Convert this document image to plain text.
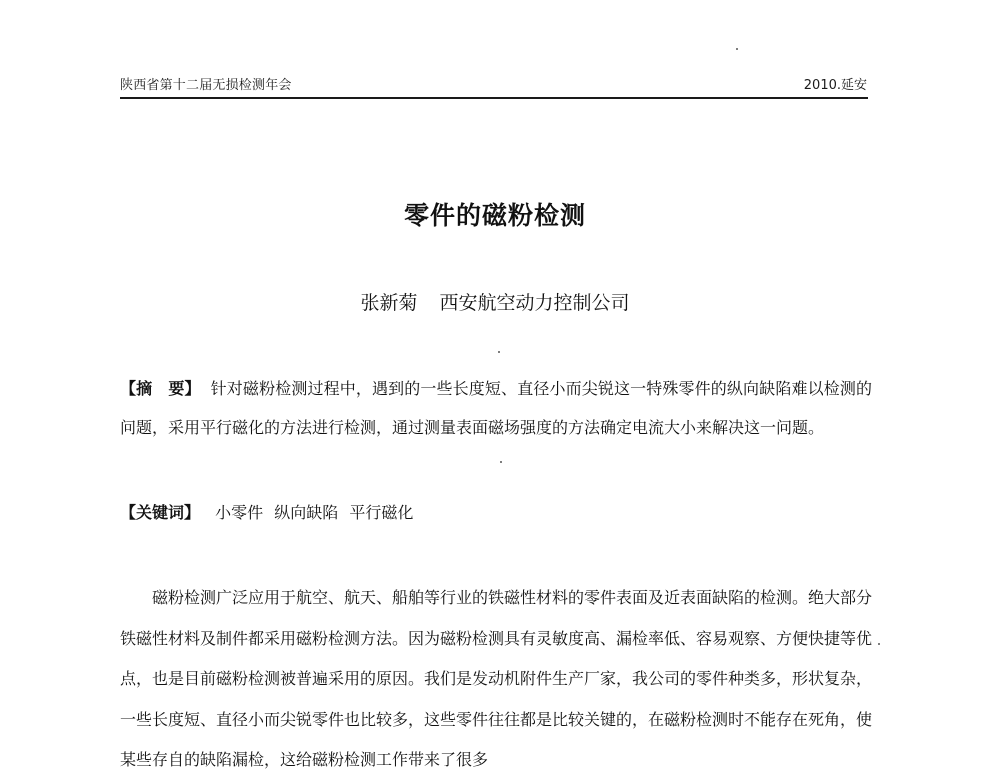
陕西省第十二届无损检测年会	2010.延安
零件的磁粉检测
张新菊 西安航空动力控制公司
【摘　要】 针对磁粉检测过程中，遇到的一些长度短、直径小而尖锐这一特殊零件的纵向缺陷难以检测的问题，采用平行磁化的方法进行检测，通过测量表面磁场强度的方法确定电流大小来解决这一问题。
【关键词】 小零件 纵向缺陷 平行磁化
磁粉检测广泛应用于航空、航天、船舶等行业的铁磁性材料的零件表面及近表面缺陷的检测。绝大部分铁磁性材料及制件都采用磁粉检测方法。因为磁粉检测具有灵敏度高、漏检率低、容易观察、方便快捷等优点，也是目前磁粉检测被普遍采用的原因。我们是发动机附件生产厂家，我公司的零件种类多，形状复杂，一些长度短、直径小而尖锐零件也比较多，这些零件往往都是比较关键的，在磁粉检测时不能存在死角，使某些存自的缺陷漏检，这给磁粉检测工作带来了很多
